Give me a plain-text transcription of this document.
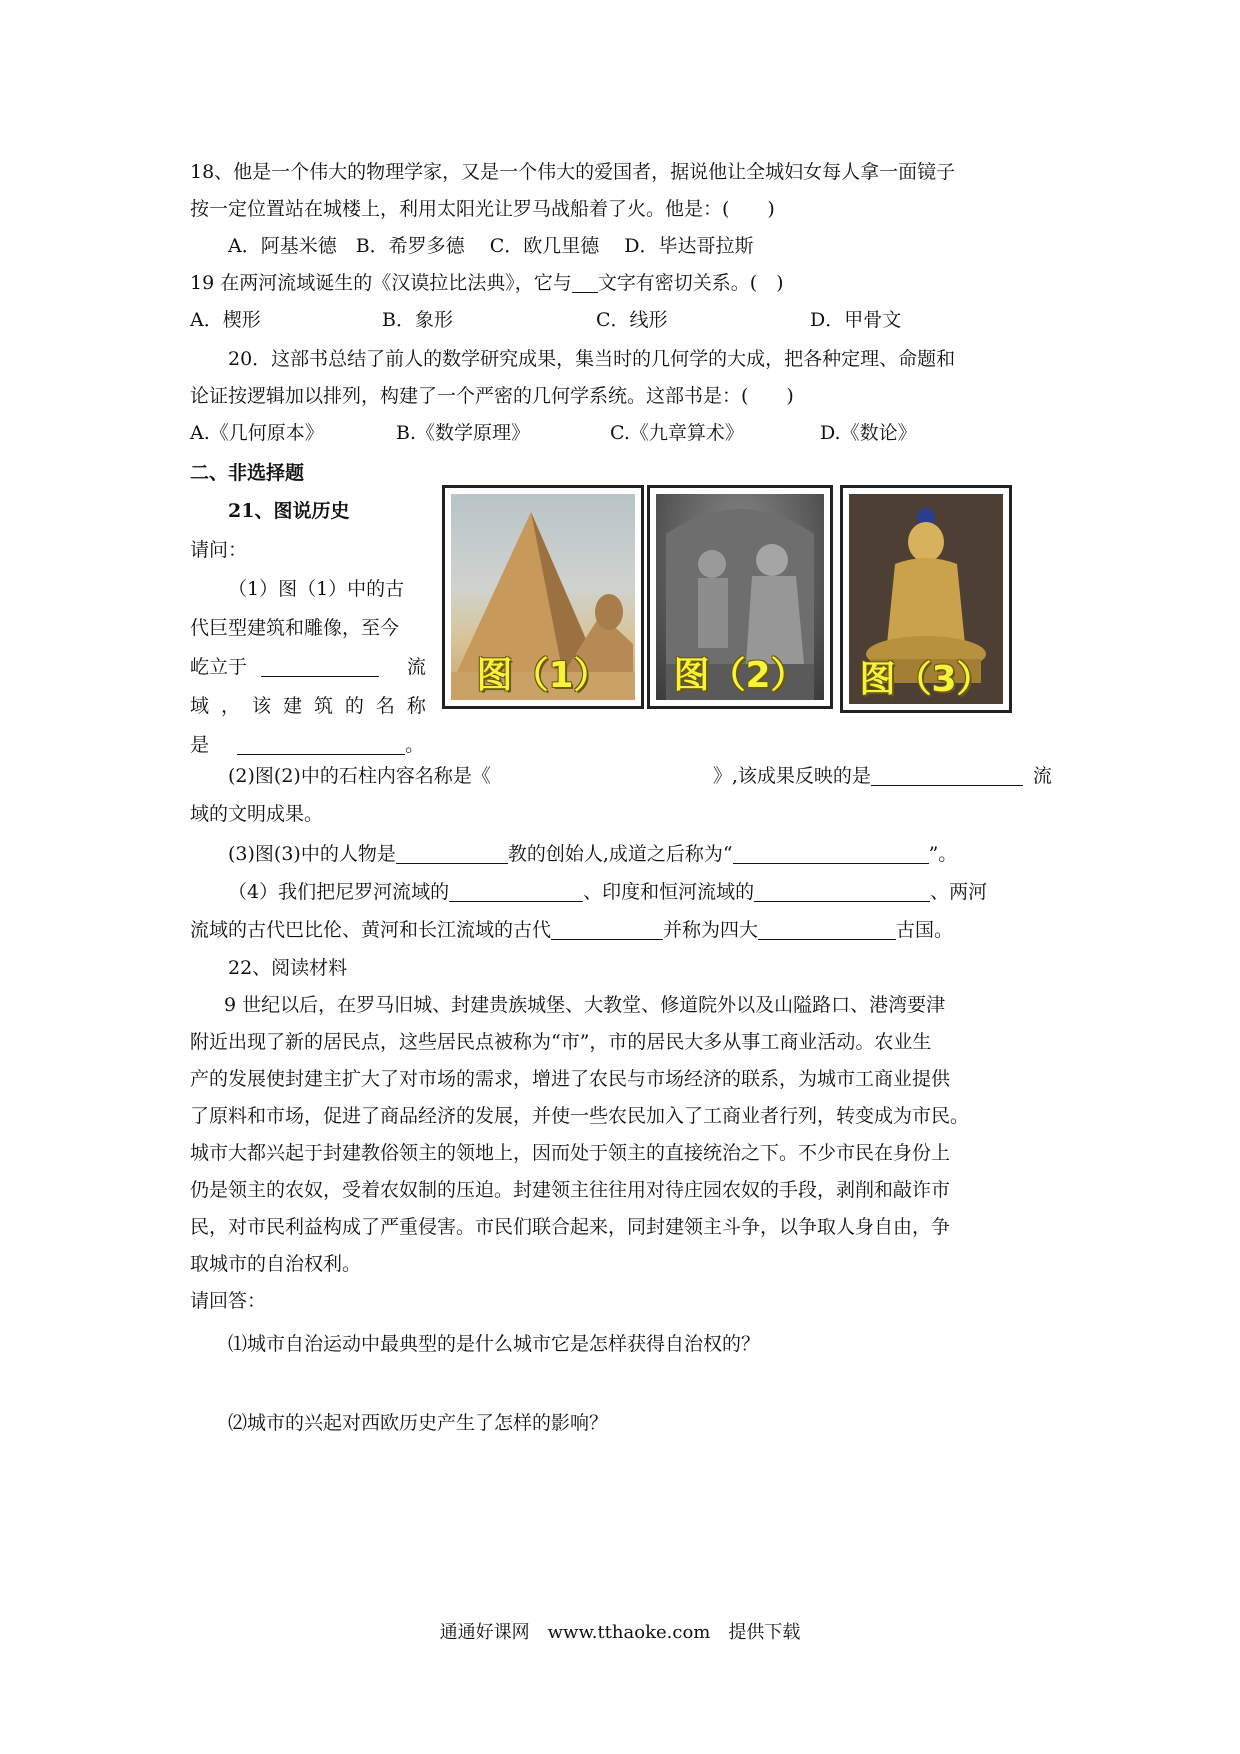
18、他是一个伟大的物理学家，又是一个伟大的爱国者，据说他让全城妇女每人拿一面镜子
按一定位置站在城楼上，利用太阳光让罗马战船着了火。他是：(　　)
A．阿基米德　B．希罗多德　 C．欧几里德　 D．毕达哥拉斯
19 在两河流域诞生的《汉谟拉比法典》，它与 文字有密切关系。(　)
A．楔形	B．象形	C．线形	D．甲骨文
20．这部书总结了前人的数学研究成果，集当时的几何学的大成，把各种定理、命题和
论证按逻辑加以排列，构建了一个严密的几何学系统。这部书是：(　　)
A.《几何原本》	B.《数学原理》	C.《九章算术》	D.《数论》
二、非选择题
21、图说历史
请问：
（1）图（1）中的古
代巨型建筑和雕像，至今
屹立于	流
域 ， 该 建 筑 的 名 称
是	。
图（1）	图（2）	图（3）
(2)图(2)中的石柱内容名称是《	》,该成果反映的是	流
域的文明成果。
(3)图(3)中的人物是	教的创始人,成道之后称为“	”。
（4）我们把尼罗河流域的	、印度和恒河流域的	、两河
流域的古代巴比伦、黄河和长江流域的古代	并称为四大	古国。
22、阅读材料
9 世纪以后，在罗马旧城、封建贵族城堡、大教堂、修道院外以及山隘路口、港湾要津
附近出现了新的居民点，这些居民点被称为“市”，市的居民大多从事工商业活动。农业生
产的发展使封建主扩大了对市场的需求，增进了农民与市场经济的联系，为城市工商业提供
了原料和市场，促进了商品经济的发展，并使一些农民加入了工商业者行列，转变成为市民。
城市大都兴起于封建教俗领主的领地上，因而处于领主的直接统治之下。不少市民在身份上
仍是领主的农奴，受着农奴制的压迫。封建领主往往用对待庄园农奴的手段，剥削和敲诈市
民，对市民利益构成了严重侵害。市民们联合起来，同封建领主斗争，以争取人身自由，争
取城市的自治权利。
请回答：
⑴城市自治运动中最典型的是什么城市它是怎样获得自治权的？
⑵城市的兴起对西欧历史产生了怎样的影响？
通通好课网　www.tthaoke.com　提供下载
